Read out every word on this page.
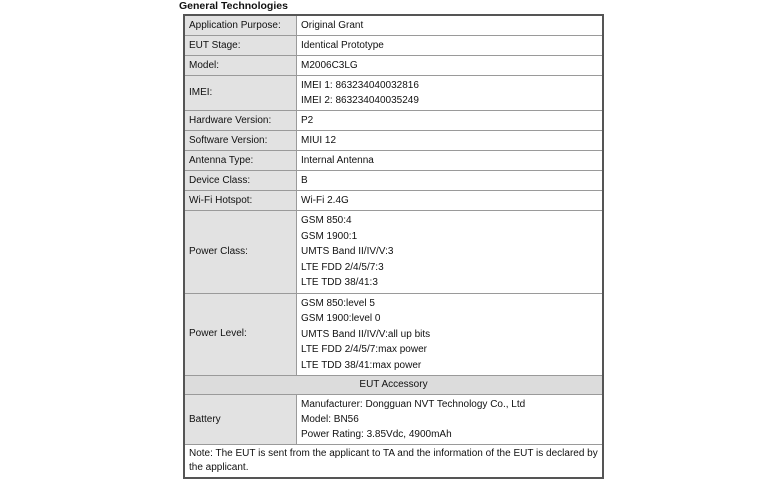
General Technologies
Application Purpose:	Original Grant
EUT Stage:	Identical Prototype
Model:	M2006C3LG
IMEI:	IMEI 1: 863234040032816
IMEI 2: 863234040035249

Hardware Version:	P2
Software Version:	MIUI 12
Antenna Type:	Internal Antenna
Device Class:	B
Wi-Fi Hotspot:	Wi-Fi 2.4G
Power Class:	GSM 850:4
GSM 1900:1
UMTS Band II/IV/V:3
LTE FDD 2/4/5/7:3
LTE TDD 38/41:3

Power Level:	GSM 850:level 5
GSM 1900:level 0
UMTS Band II/IV/V:all up bits
LTE FDD 2/4/5/7:max power
LTE TDD 38/41:max power

EUT Accessory	
Battery	Manufacturer: Dongguan NVT Technology Co., Ltd
Model: BN56
Power Rating: 3.85Vdc, 4900mAh

Note: The EUT is sent from the applicant to TA and the information of the EUT is declared by the applicant.	
